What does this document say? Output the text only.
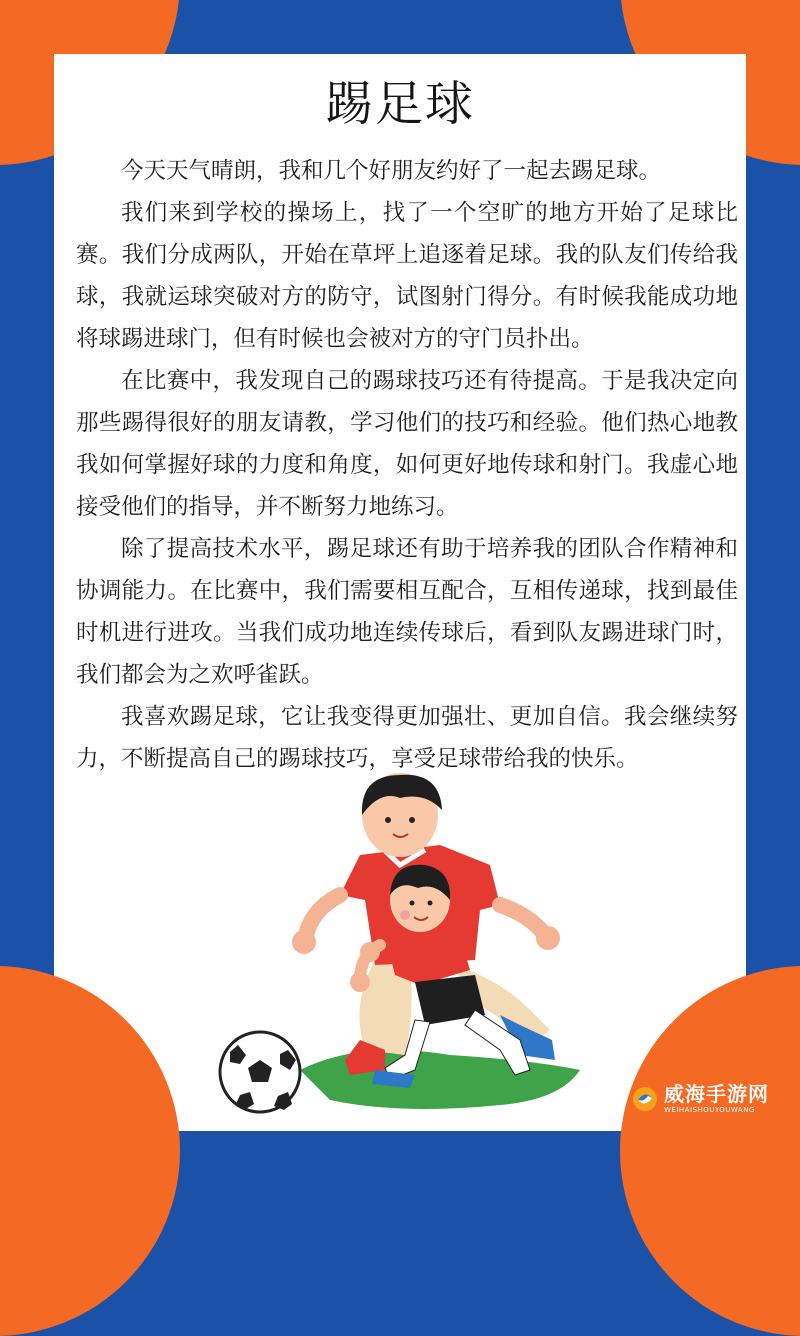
踢足球

今天天气晴朗，我和几个好朋友约好了一起去踢足球。

我们来到学校的操场上，找了一个空旷的地方开始了足球比赛。我们分成两队，开始在草坪上追逐着足球。我的队友们传给我球，我就运球突破对方的防守，试图射门得分。有时候我能成功地将球踢进球门，但有时候也会被对方的守门员扑出。

在比赛中，我发现自己的踢球技巧还有待提高。于是我决定向那些踢得很好的朋友请教，学习他们的技巧和经验。他们热心地教我如何掌握好球的力度和角度，如何更好地传球和射门。我虚心地接受他们的指导，并不断努力地练习。

除了提高技术水平，踢足球还有助于培养我的团队合作精神和协调能力。在比赛中，我们需要相互配合，互相传递球，找到最佳时机进行进攻。当我们成功地连续传球后，看到队友踢进球门时，我们都会为之欢呼雀跃。

我喜欢踢足球，它让我变得更加强壮、更加自信。我会继续努力，不断提高自己的踢球技巧，享受足球带给我的快乐。

威海手游网
WEIHAISHOUYOUWANG
